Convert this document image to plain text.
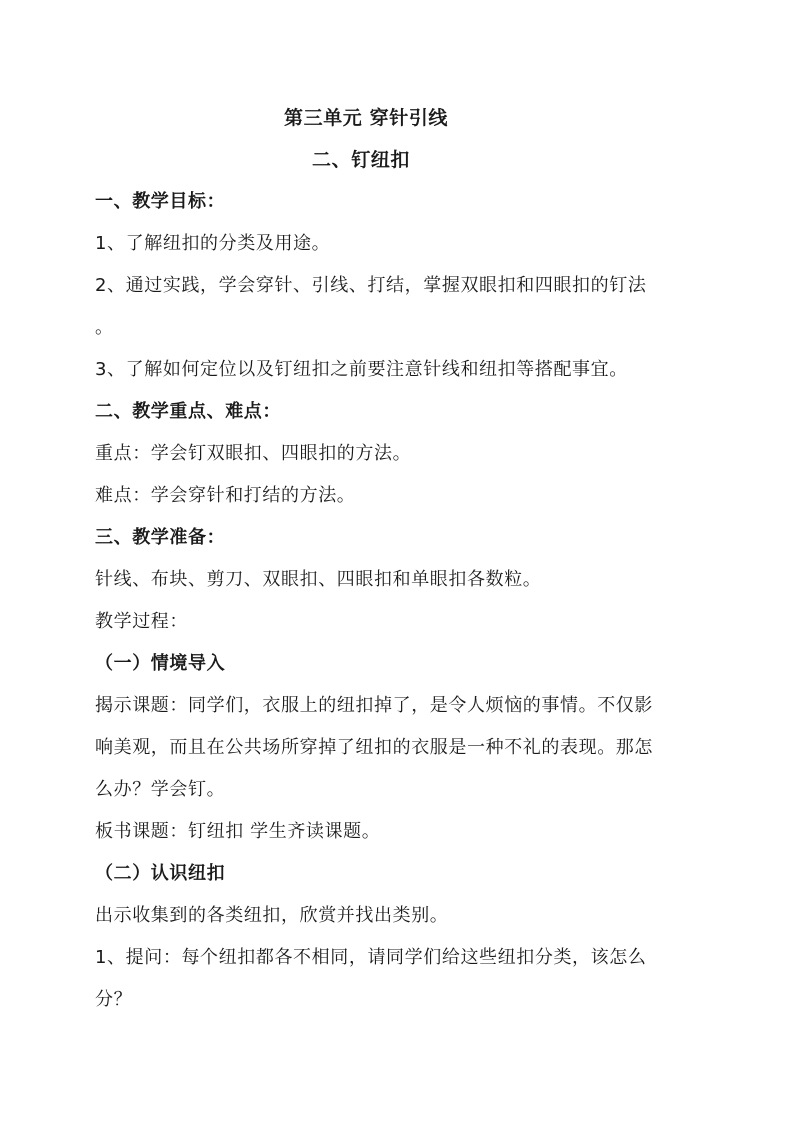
第三单元 穿针引线
二、钉纽扣
一、教学目标：
1、了解纽扣的分类及用途。
2、通过实践，学会穿针、引线、打结，掌握双眼扣和四眼扣的钉法
。
3、了解如何定位以及钉纽扣之前要注意针线和纽扣等搭配事宜。
二、教学重点、难点：
重点：学会钉双眼扣、四眼扣的方法。
难点：学会穿针和打结的方法。
三、教学准备：
针线、布块、剪刀、双眼扣、四眼扣和单眼扣各数粒。
教学过程：
（一）情境导入
揭示课题：同学们，衣服上的纽扣掉了，是令人烦恼的事情。不仅影
响美观，而且在公共场所穿掉了纽扣的衣服是一种不礼的表现。那怎
么办？学会钉。
板书课题：钉纽扣 学生齐读课题。
（二）认识纽扣
出示收集到的各类纽扣，欣赏并找出类别。
1、提问：每个纽扣都各不相同，请同学们给这些纽扣分类，该怎么
分？
